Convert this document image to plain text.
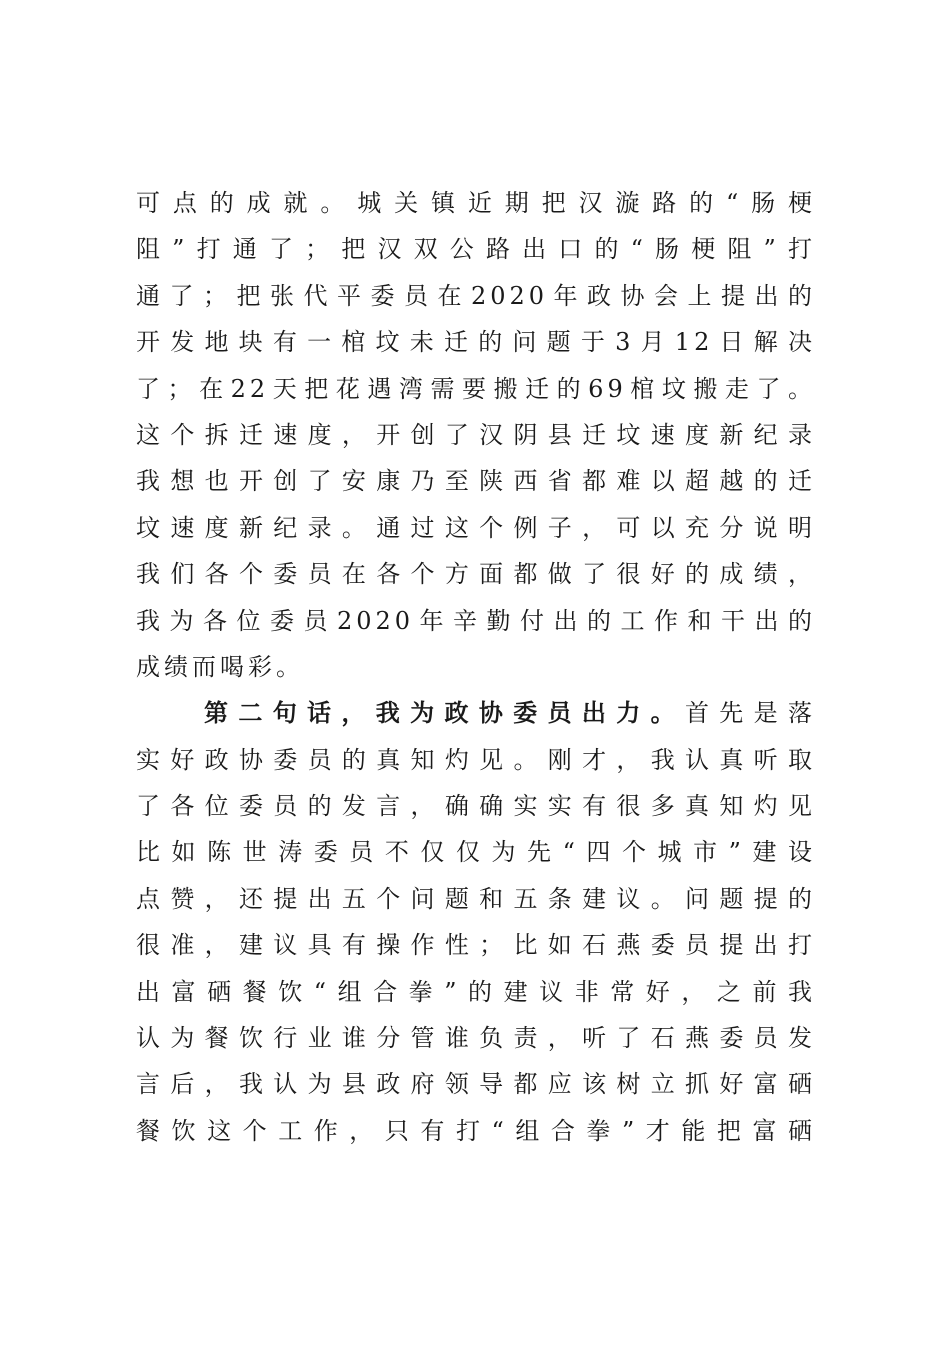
可点的成就。城关镇近期把汉漩路的“肠梗
阻”打通了；把汉双公路出口的“肠梗阻”打
通了；把张代平委员在2020年政协会上提出的
开发地块有一棺坟未迁的问题于3月12日解决
了；在22天把花遇湾需要搬迁的69棺坟搬走了。
这个拆迁速度，开创了汉阴县迁坟速度新纪录
我想也开创了安康乃至陕西省都难以超越的迁
坟速度新纪录。通过这个例子，可以充分说明
我们各个委员在各个方面都做了很好的成绩，
我为各位委员2020年辛勤付出的工作和干出的
成绩而喝彩。
第二句话，我为政协委员出力。首先是落
实好政协委员的真知灼见。刚才，我认真听取
了各位委员的发言，确确实实有很多真知灼见
比如陈世涛委员不仅仅为先“四个城市”建设
点赞，还提出五个问题和五条建议。问题提的
很准，建议具有操作性；比如石燕委员提出打
出富硒餐饮“组合拳”的建议非常好，之前我
认为餐饮行业谁分管谁负责，听了石燕委员发
言后，我认为县政府领导都应该树立抓好富硒
餐饮这个工作，只有打“组合拳”才能把富硒
